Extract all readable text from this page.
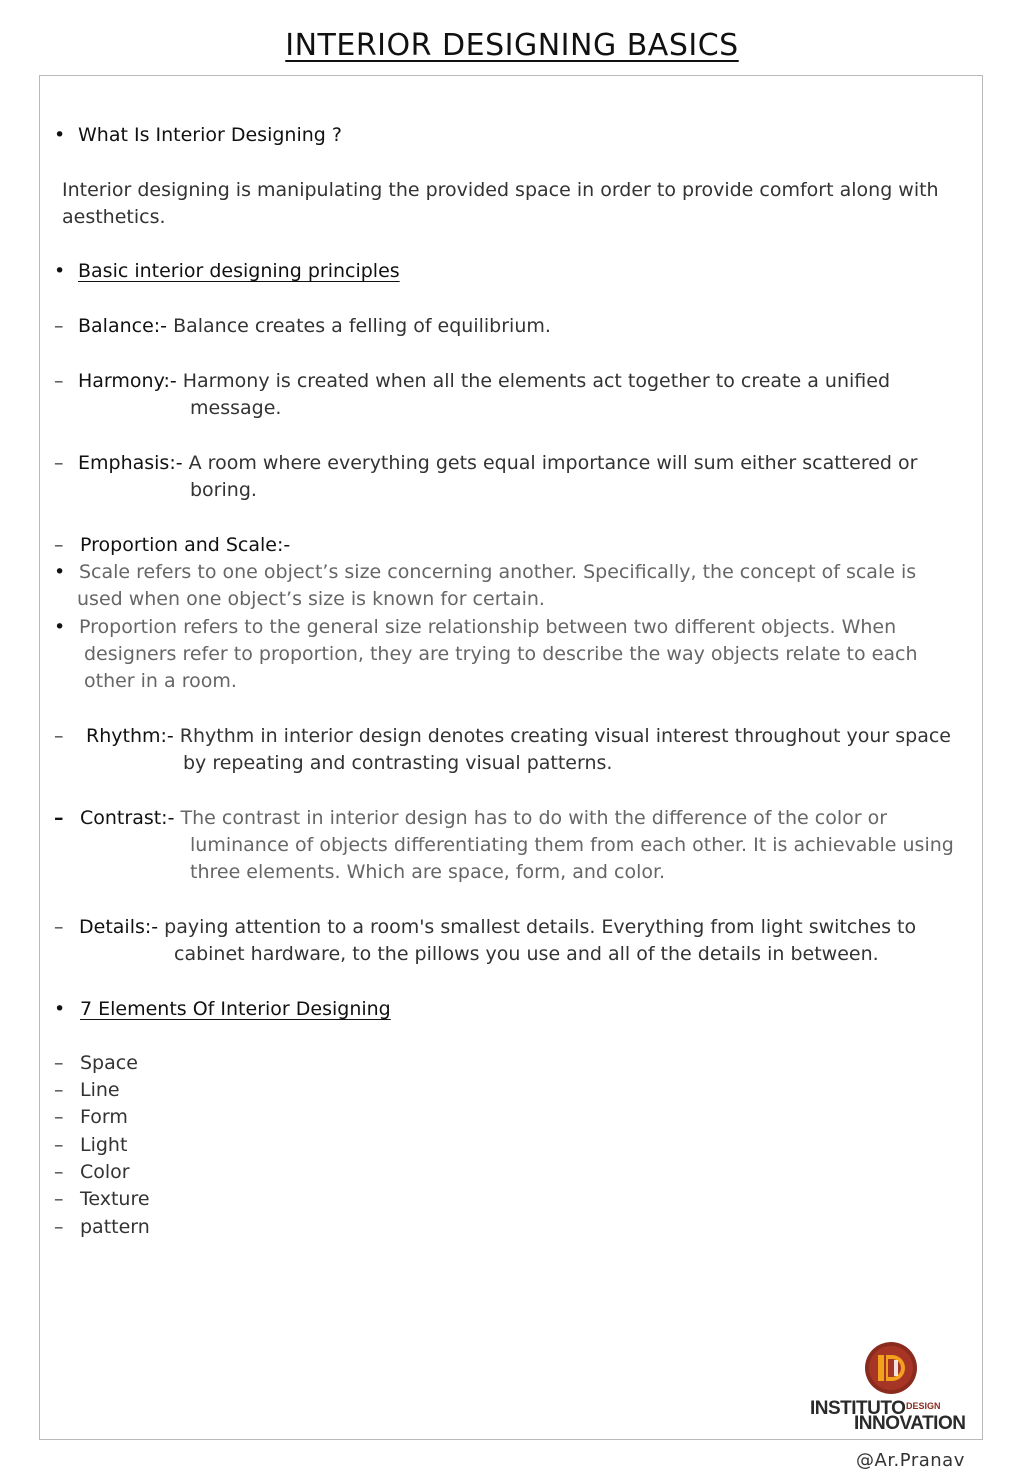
INTERIOR DESIGNING BASICS
• What Is Interior Designing ?
Interior designing is manipulating the provided space in order to provide comfort along with
aesthetics.
• Basic interior designing principles
– Balance:- Balance creates a felling of equilibrium.
– Harmony:- Harmony is created when all the elements act together to create a unified
message.
– Emphasis:- A room where everything gets equal importance will sum either scattered or
boring.
– Proportion and Scale:-
• Scale refers to one object’s size concerning another. Specifically, the concept of scale is
used when one object’s size is known for certain.
• Proportion refers to the general size relationship between two different objects. When
designers refer to proportion, they are trying to describe the way objects relate to each
other in a room.
– Rhythm:- Rhythm in interior design denotes creating visual interest throughout your space
by repeating and contrasting visual patterns.
– Contrast:- The contrast in interior design has to do with the difference of the color or
luminance of objects differentiating them from each other. It is achievable using
three elements. Which are space, form, and color.
– Details:- paying attention to a room's smallest details. Everything from light switches to
cabinet hardware, to the pillows you use and all of the details in between.
• 7 Elements Of Interior Designing
– Space
– Line
– Form
– Light
– Color
– Texture
– pattern
INSTITUTO DESIGN
INNOVATION
@Ar.Pranav
